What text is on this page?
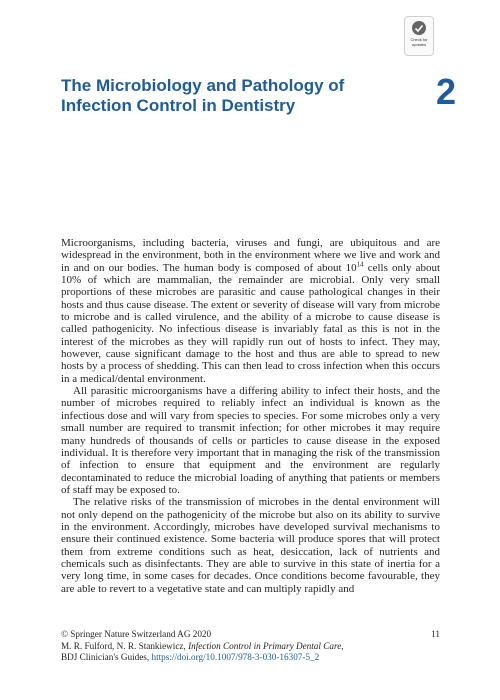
Check for
updates
The Microbiology and Pathology of Infection Control in Dentistry	2

Microorganisms, including bacteria, viruses and fungi, are ubiquitous and are widespread in the environment, both in the environment where we live and work and in and on our bodies. The human body is composed of about $10^{14}$ cells only about 10% of which are mammalian, the remainder are microbial. Only very small proportions of these microbes are parasitic and cause pathological changes in their hosts and thus cause disease. The extent or severity of disease will vary from microbe to microbe and is called virulence, and the ability of a microbe to cause disease is called pathogenicity. No infectious disease is invariably fatal as this is not in the interest of the microbes as they will rapidly run out of hosts to infect. They may, however, cause significant damage to the host and thus are able to spread to new hosts by a process of shedding. This can then lead to cross infection when this occurs in a medical/dental environment.

All parasitic microorganisms have a differing ability to infect their hosts, and the number of microbes required to reliably infect an individual is known as the infectious dose and will vary from species to species. For some microbes only a very small number are required to transmit infection; for other microbes it may require many hundreds of thousands of cells or particles to cause disease in the exposed individual. It is therefore very important that in managing the risk of the transmission of infection to ensure that equipment and the environment are regularly decontaminated to reduce the microbial loading of anything that patients or members of staff may be exposed to.

The relative risks of the transmission of microbes in the dental environment will not only depend on the pathogenicity of the microbe but also on its ability to survive in the environment. Accordingly, microbes have developed survival mechanisms to ensure their continued existence. Some bacteria will produce spores that will protect them from extreme conditions such as heat, desiccation, lack of nutrients and chemicals such as disinfectants. They are able to survive in this state of inertia for a very long time, in some cases for decades. Once conditions become favourable, they are able to revert to a vegetative state and can multiply rapidly and

© Springer Nature Switzerland AG 2020	11
M. R. Fulford, N. R. Stankiewicz, Infection Control in Primary Dental Care,
BDJ Clinician's Guides, https://doi.org/10.1007/978-3-030-16307-5_2
